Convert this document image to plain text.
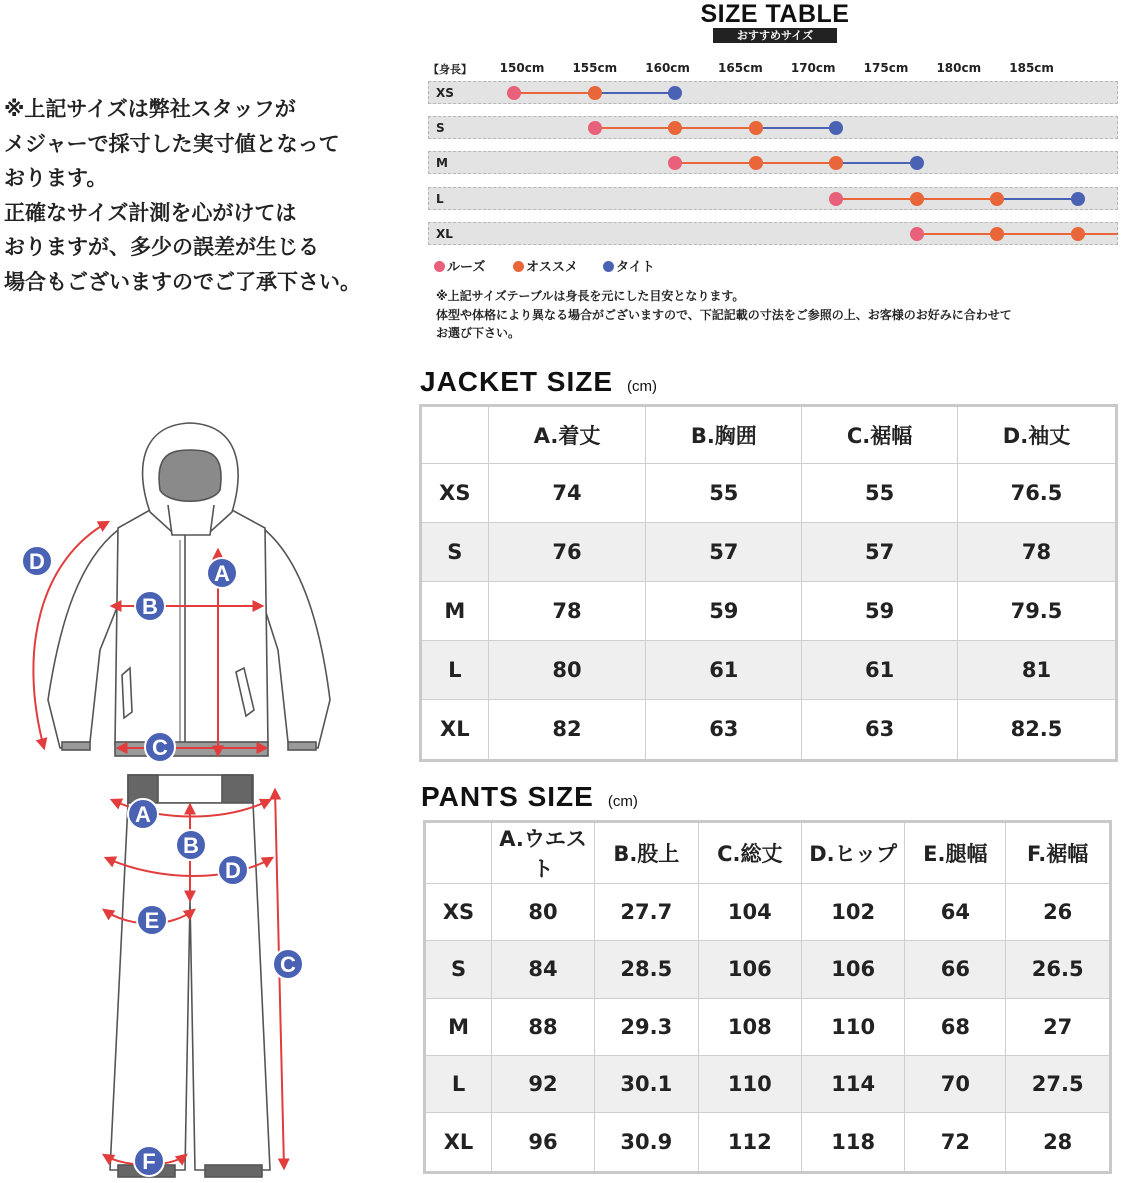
※上記サイズは弊社スタッフが
メジャーで採寸した実寸値となって
おります。
正確なサイズ計測を心がけては
おりますが、多少の誤差が生じる
場合もございますのでご了承下さい。
SIZE TABLE
おすすめサイズ
【身長】 150cm 155cm 160cm 165cm 170cm 175cm 180cm 185cm
XS
S
M
L
XL
ルーズ	オススメ	タイト
※上記サイズテーブルは身長を元にした目安となります。
体型や体格により異なる場合がございますので、下記記載の寸法をご参照の上、お客様のお好みに合わせて
お選び下さい。
JACKET SIZE (cm)
	A.着丈	B.胸囲	C.裾幅	D.袖丈
XS	74	55	55	76.5
S	76	57	57	78
M	78	59	59	79.5
L	80	61	61	81
XL	82	63	63	82.5
PANTS SIZE (cm)
	A.ウエスト	B.股上	C.総丈	D.ヒップ	E.腿幅	F.裾幅
XS	80	27.7	104	102	64	26
S	84	28.5	106	106	66	26.5
M	88	29.3	108	110	68	27
L	92	30.1	110	114	70	27.5
XL	96	30.9	112	118	72	28
A
B
C
D
A
B
C
D
E
F
